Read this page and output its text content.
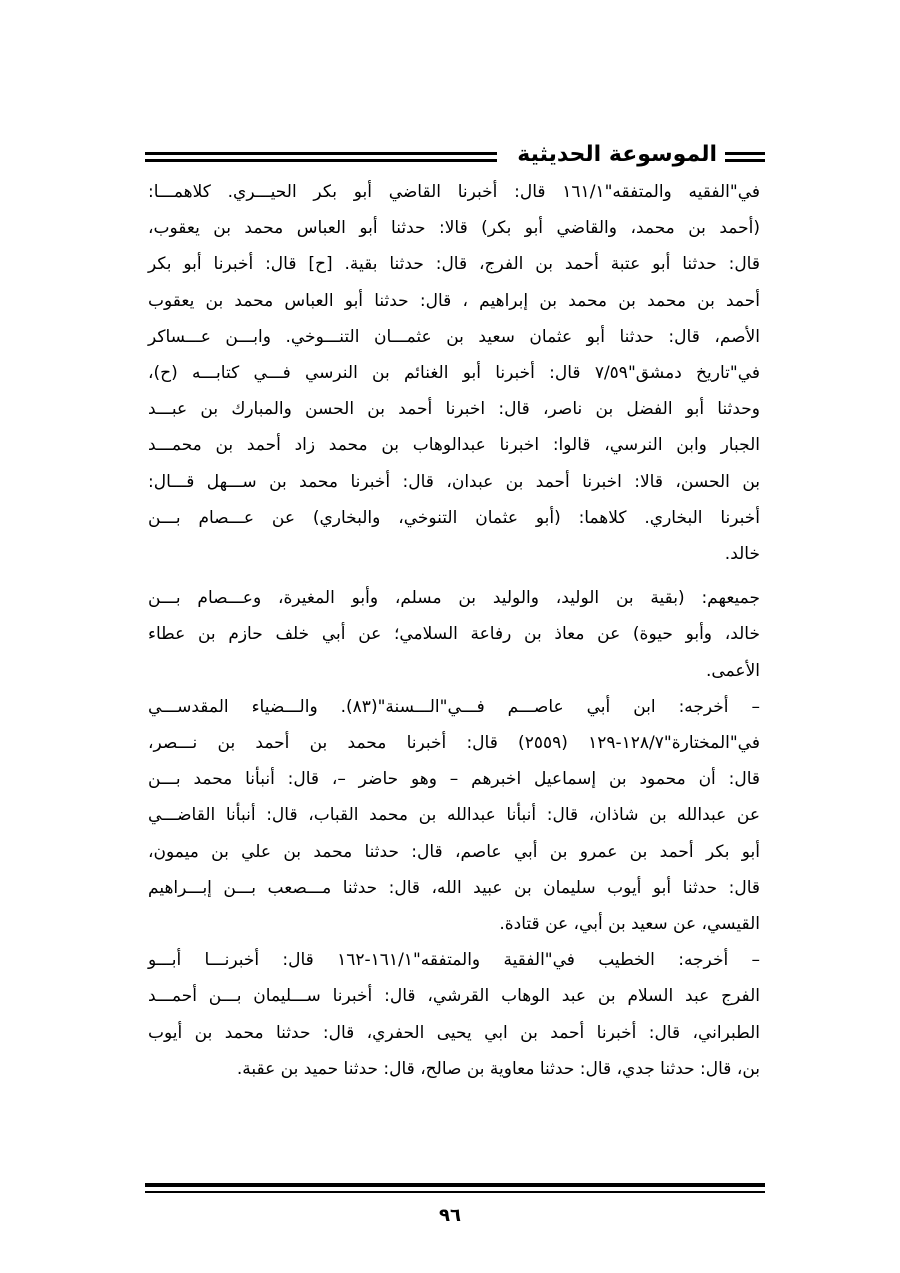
الموسوعة الحديثية

في"الفقيه والمتفقه"١٦١/١ قال: أخبرنا القاضي أبو بكر الحيـــري. كلاهمـــا:
(أحمد بن محمد، والقاضي أبو بكر) قالا: حدثنا أبو العباس محمد بن يعقوب،
قال: حدثنا أبو عتبة أحمد بن الفرج، قال: حدثنا بقية. [ح] قال: أخبرنا أبو بكر
أحمد بن محمد بن محمد بن إبراهيم ، قال: حدثنا أبو العباس محمد بن يعقوب
الأصم، قال: حدثنا أبو عثمان سعيد بن عثمـــان التنـــوخي. وابـــن عـــساكر
في"تاريخ دمشق"٧/٥٩ قال: أخبرنا أبو الغنائم بن النرسي فـــي كتابـــه (ح)،
وحدثنا أبو الفضل بن ناصر، قال: اخبرنا أحمد بن الحسن والمبارك بن عبـــد
الجبار وابن النرسي، قالوا: اخبرنا عبدالوهاب بن محمد زاد أحمد بن محمـــد
بن الحسن، قالا: اخبرنا أحمد بن عبدان، قال: أخبرنا محمد بن ســـهل قـــال:
أخبرنا البخاري. كلاهما: (أبو عثمان التنوخي، والبخاري) عن عـــصام بـــن
خالد.

جميعهم: (بقية بن الوليد، والوليد بن مسلم، وأبو المغيرة، وعـــصام بـــن
خالد، وأبو حيوة) عن معاذ بن رفاعة السلامي؛ عن أبي خلف حازم بن عطاء
الأعمى.

– أخرجه: ابن أبي عاصـــم فـــي"الـــسنة"(٨٣). والـــضياء المقدســـي
في"المختارة"١٢٨/٧-١٢٩ (٢٥٥٩) قال: أخبرنا محمد بن أحمد بن نـــصر،
قال: أن محمود بن إسماعيل اخبرهم – وهو حاضر –، قال: أنبأنا محمد بـــن
عن عبدالله بن شاذان، قال: أنبأنا عبدالله بن محمد القباب، قال: أنبأنا القاضـــي
أبو بكر أحمد بن عمرو بن أبي عاصم، قال: حدثنا محمد بن علي بن ميمون،
قال: حدثنا أبو أيوب سليمان بن عبيد الله، قال: حدثنا مـــصعب بـــن إبـــراهيم
القيسي، عن سعيد بن أبي، عن قتادة.

– أخرجه: الخطيب في"الفقية والمتفقه"١٦١/١-١٦٢ قال: أخبرنـــا أبـــو
الفرج عبد السلام بن عبد الوهاب القرشي، قال: أخبرنا ســـليمان بـــن أحمـــد
الطبراني، قال: أخبرنا أحمد بن ابي يحيى الحفري، قال: حدثنا محمد بن أيوب
بن، قال: حدثنا جدي، قال: حدثنا معاوية بن صالح، قال: حدثنا حميد بن عقبة.

٩٦
